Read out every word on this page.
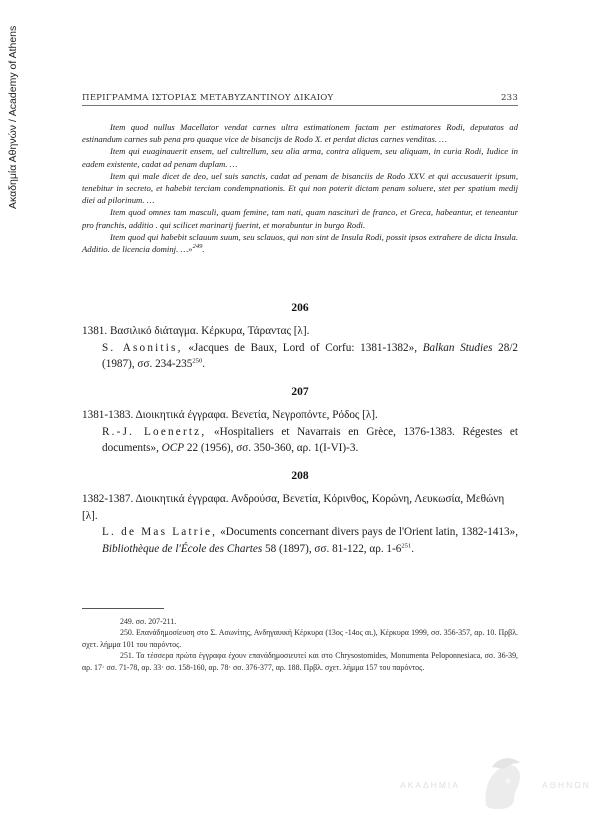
Ακαδημία Αθηνών / Academy of Athens	ΠΕΡΙΓΡΑΜΜΑ ΙΣΤΟΡΙΑΣ ΜΕΤΑΒΥΖΑΝΤΙΝΟΥ ΔΙΚΑΙΟΥ	233

Item quod nullus Macellator vendat carnes ultra estimationem factam per estimatores Rodi, deputatos ad estinandum carnes sub pena pro quaque vice de bisancijs de Rodo X. et perdat dictas carnes venditas. …

Item qui euaginauerit ensem, uel cultrellum, seu alia arma, contra aliquem, seu aliquam, in curia Rodi, Iudice in eadem existente, cadat ad penam duplam. …

Item qui male dicet de deo, uel suis sanctis, cadat ad penam de bisanciis de Rodo XXV. et qui accusauerit ipsum, tenebitur in secreto, et habebit terciam condempnationis. Et qui non poterit dictam penam soluere, stet per spatium medij diei ad pilorinum. …

Item quod omnes tam masculi, quam femine, tam nati, quam nasciturì de franco, et Greca, habeantur, et teneantur pro franchis, additio . qui scilicet marinarij fuerint, et morabuntur in burgo Rodi.

Item quod qui habebit sclauum suum, seu sclauos, qui non sint de Insula Rodi, possit ipsos extrahere de dicta Insula. Additio. de licencia dominj. …»$^{249}$.

206
1381. Βασιλικό διάταγμα. Κέρκυρα, Τάραντας [λ].
S. Asonitis, «Jacques de Baux, Lord of Corfu: 1381-1382», Balkan Studies 28/2 (1987), σσ. $234-235^{250}$.
207
1381-1383. Διοικητικά έγγραφα. Βενετία, Νεγροπόντε, Ρόδος [λ].
R.-J. Loenertz, «Hospitaliers et Navarrais en Grèce, 1376-1383. Régestes et documents», OCP 22 (1956), σσ. 350-360, αρ. 1(I-VI)-3.
208
1382-1387. Διοικητικά έγγραφα. Ανδρούσα, Βενετία, Κόρινθος, Κορώνη, Λευκωσία, Μεθώνη [λ].
L. de Mas Latrie, «Documents concernant divers pays de l'Orient latin, 1382-1413», Bibliothèque de l'École des Chartes 58 (1897), σσ. 81-122, αρ. $1-6^{251}$.

249. σσ. 207-211.

250. Επανάδημοσίευση στο Σ. Ασωνίτης, Ανδηγαυική Κέρκυρα (13ος -14ος αι.), Κέρκυρα 1999, σσ. 356-357, αρ. 10. Πρβλ. σχετ. λήμμα 101 του παρόντος.

251. Τα τέσσερα πρώτα έγγραφα έχουν επανάδημοσιευτεί και στο Chrysostomides, Monumenta Peloponnesiaca, σσ. 36-39, αρ. 17· σσ. 71-78, αρ. 33· σσ. 158-160, αρ. 78· σσ. 376-377, αρ. 188. Πρβλ. σχετ. λήμμα 157 του παρόντος.

ΑΚΑΔΗΜΙΑ	ΑΘΗΝΩΝ
